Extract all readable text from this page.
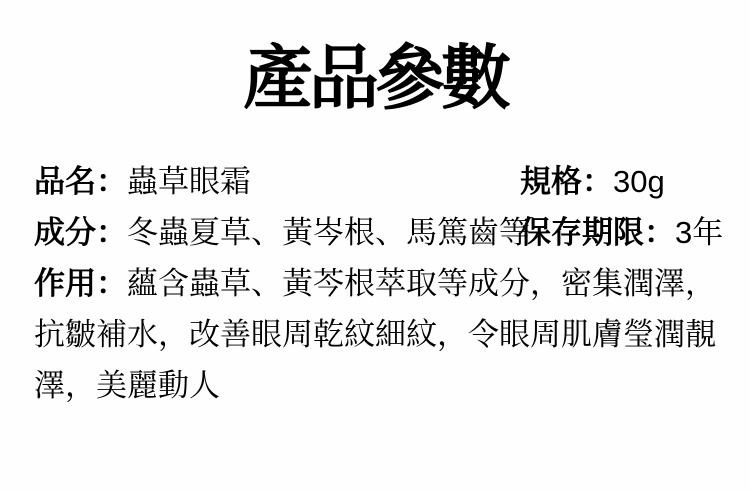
產品參數
品名：蟲草眼霜	規格：30g
成分：冬蟲夏草、黃岑根、馬篤齒等
保存期限：3年
作用：蘊含蟲草、黃芩根萃取等成分，密集潤澤，
抗皺補水，改善眼周乾紋細紋，令眼周肌膚瑩潤靚
澤，美麗動人
